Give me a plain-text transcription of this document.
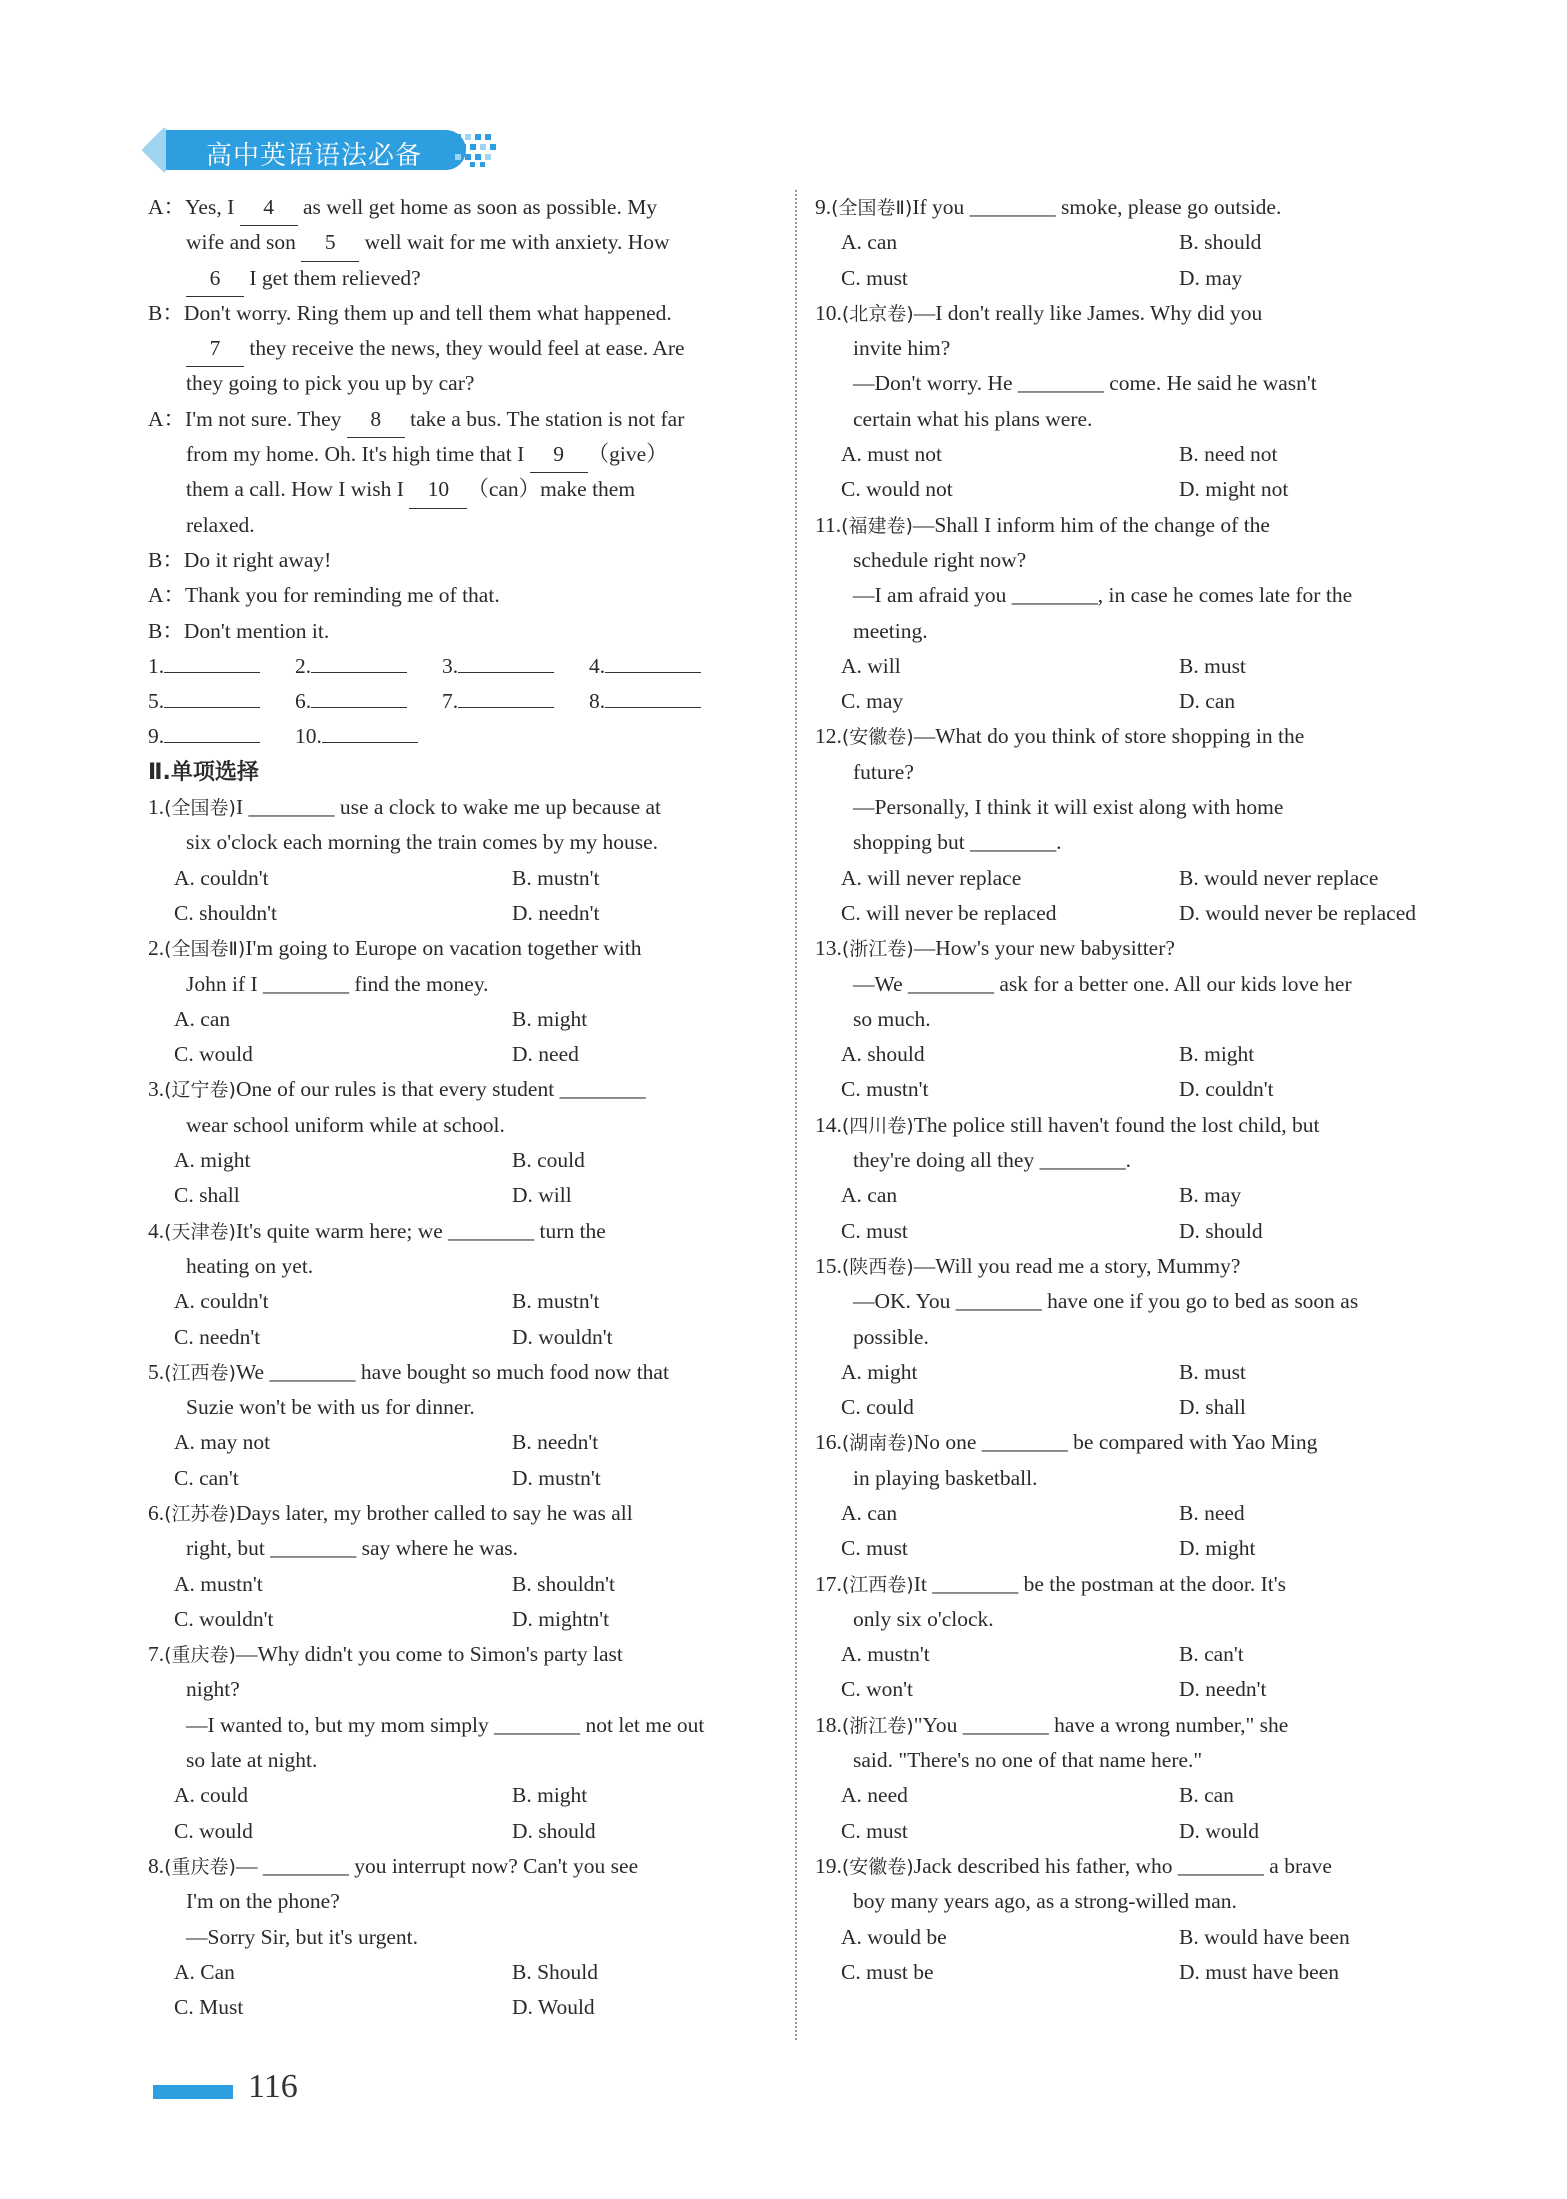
高中英语语法必备
A：Yes, I 4 as well get home as soon as possible. My
wife and son 5 well wait for me with anxiety. How
6 I get them relieved?
B：Don't worry. Ring them up and tell them what happened.
7 they receive the news, they would feel at ease. Are
they going to pick you up by car?
A：I'm not sure. They 8 take a bus. The station is not far
from my home. Oh. It's high time that I 9 （give）
them a call. How I wish I 10 （can）make them
relaxed.
B：Do it right away!
A：Thank you for reminding me of that.
B：Don't mention it.
1.	2.	3.	4.
5.	6.	7.	8.
9.	10.
Ⅱ.单项选择
1.(全国卷)I ________ use a clock to wake me up because at
six o'clock each morning the train comes by my house.
A. couldn't	B. mustn't
C. shouldn't	D. needn't
2.(全国卷Ⅱ)I'm going to Europe on vacation together with
John if I ________ find the money.
A. can	B. might
C. would	D. need
3.(辽宁卷)One of our rules is that every student ________
wear school uniform while at school.
A. might	B. could
C. shall	D. will
4.(天津卷)It's quite warm here; we ________ turn the
heating on yet.
A. couldn't	B. mustn't
C. needn't	D. wouldn't
5.(江西卷)We ________ have bought so much food now that
Suzie won't be with us for dinner.
A. may not	B. needn't
C. can't	D. mustn't
6.(江苏卷)Days later, my brother called to say he was all
right, but ________ say where he was.
A. mustn't	B. shouldn't
C. wouldn't	D. mightn't
7.(重庆卷)—Why didn't you come to Simon's party last
night?
—I wanted to, but my mom simply ________ not let me out
so late at night.
A. could	B. might
C. would	D. should
8.(重庆卷)— ________ you interrupt now? Can't you see
I'm on the phone?
—Sorry Sir, but it's urgent.
A. Can	B. Should
C. Must	D. Would
9.(全国卷Ⅱ)If you ________ smoke, please go outside.
A. can	B. should
C. must	D. may
10.(北京卷)—I don't really like James. Why did you
invite him?
—Don't worry. He ________ come. He said he wasn't
certain what his plans were.
A. must not	B. need not
C. would not	D. might not
11.(福建卷)—Shall I inform him of the change of the
schedule right now?
—I am afraid you ________, in case he comes late for the
meeting.
A. will	B. must
C. may	D. can
12.(安徽卷)—What do you think of store shopping in the
future?
—Personally, I think it will exist along with home
shopping but ________.
A. will never replace	B. would never replace
C. will never be replaced	D. would never be replaced
13.(浙江卷)—How's your new babysitter?
—We ________ ask for a better one. All our kids love her
so much.
A. should	B. might
C. mustn't	D. couldn't
14.(四川卷)The police still haven't found the lost child, but
they're doing all they ________.
A. can	B. may
C. must	D. should
15.(陕西卷)—Will you read me a story, Mummy?
—OK. You ________ have one if you go to bed as soon as
possible.
A. might	B. must
C. could	D. shall
16.(湖南卷)No one ________ be compared with Yao Ming
in playing basketball.
A. can	B. need
C. must	D. might
17.(江西卷)It ________ be the postman at the door. It's
only six o'clock.
A. mustn't	B. can't
C. won't	D. needn't
18.(浙江卷)"You ________ have a wrong number," she
said. "There's no one of that name here."
A. need	B. can
C. must	D. would
19.(安徽卷)Jack described his father, who ________ a brave
boy many years ago, as a strong-willed man.
A. would be	B. would have been
C. must be	D. must have been
116
